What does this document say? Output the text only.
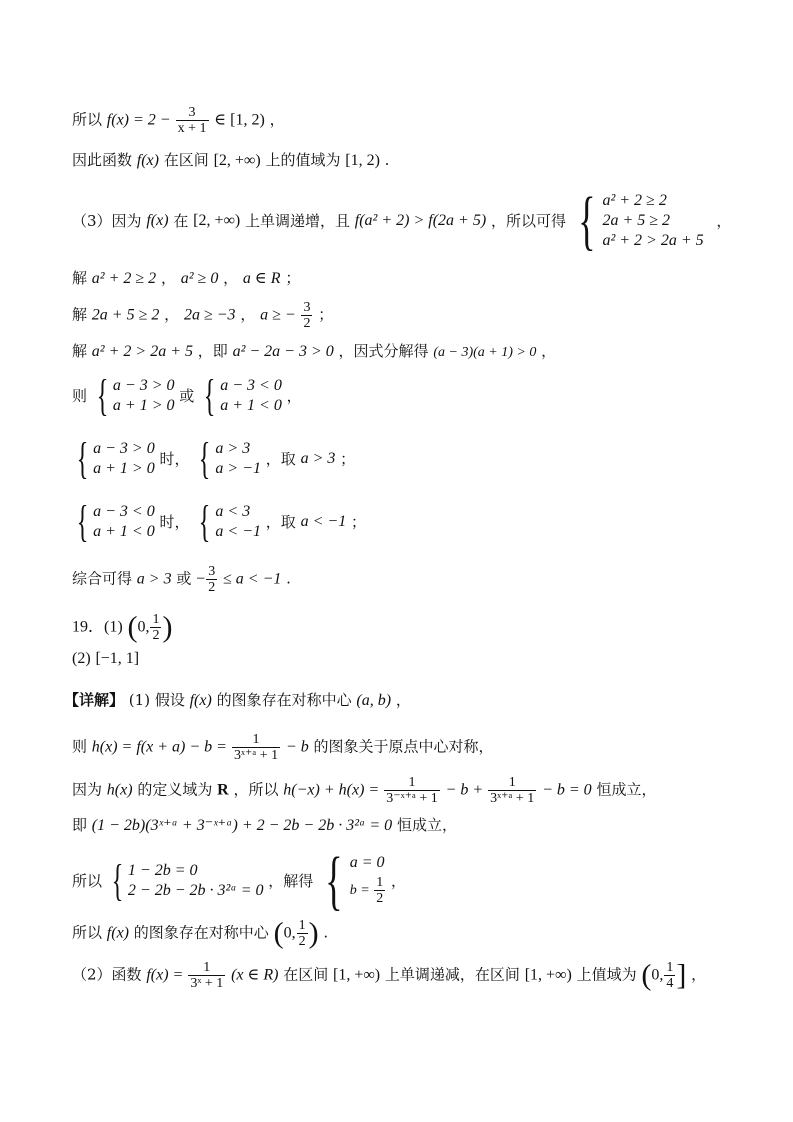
所以 $f(x) = 2 - \frac{3}{x + 1}$ ∈ [1, 2) ，
因此函数 f(x) 在区间 [2, +∞) 上的值域为 [1, 2) .
（3）因为 f(x) 在 [2, +∞) 上单调递增，且 f(a² + 2) > f(2a + 5) ，所以可得 { a² + 2 ≥ 2
2a + 5 ≥ 2
a² + 2 > 2a + 5
，
解 a² + 2 ≥ 2 ， a² ≥ 0 ， a ∈ R ；
解 2a + 5 ≥ 2 ， 2a ≥ −3 ， a ≥ − $\frac{3}{2}$ ；
解 a² + 2 > 2a + 5 ，即 a² − 2a − 3 > 0 ，因式分解得 (a − 3)(a + 1) > 0 ，
则 { a − 3 > 0
a + 1 > 0
或 { a − 3 < 0
a + 1 < 0
，
{ a − 3 > 0
a + 1 > 0
时， { a > 3
a > −1
，取 a > 3 ；
{ a − 3 < 0
a + 1 < 0
时， { a < 3
a < −1
，取 a < −1 ；
综合可得 a > 3 或 − $\frac{3}{2} \le a < -1$ .
19．(1) (0, $\frac{1}{2}$ )
(2) [−1, 1]
【详解】 (1) 假设 f(x) 的图象存在对称中心 (a, b) ，
则 $h(x) = f(x + a) - b = \frac{1}{\text{3ˣ⁺ᵃ + 1}} - b$ 的图象关于原点中心对称，
因为 h(x) 的定义域为 R ，所以 $h(-x) + h(x) = \frac{1}{\text{3⁻ˣ⁺ᵃ + 1}} - b + \frac{1}{\text{3ˣ⁺ᵃ + 1}} - b = 0$ 恒成立，
即 (1 − 2b)(3ˣ⁺ᵃ + 3⁻ˣ⁺ᵃ) + 2 − 2b − 2b · 3²ᵃ = 0 恒成立，
所以 { 1 − 2b = 0
2 − 2b − 2b · 3²ᵃ = 0
，解得 { a = 0
$b = \frac{1}{2}$ ，
所以 f(x) 的图象存在对称中心 (0, $\frac{1}{2}$ ) .
（2）函数 $f(x) = \frac{1}{\text{3ˣ + 1}} (x$ ∈ R) 在区间 [1, +∞) 上单调递减，在区间 [1, +∞) 上值域为 (0, $\frac{1}{4}$ ] ，
